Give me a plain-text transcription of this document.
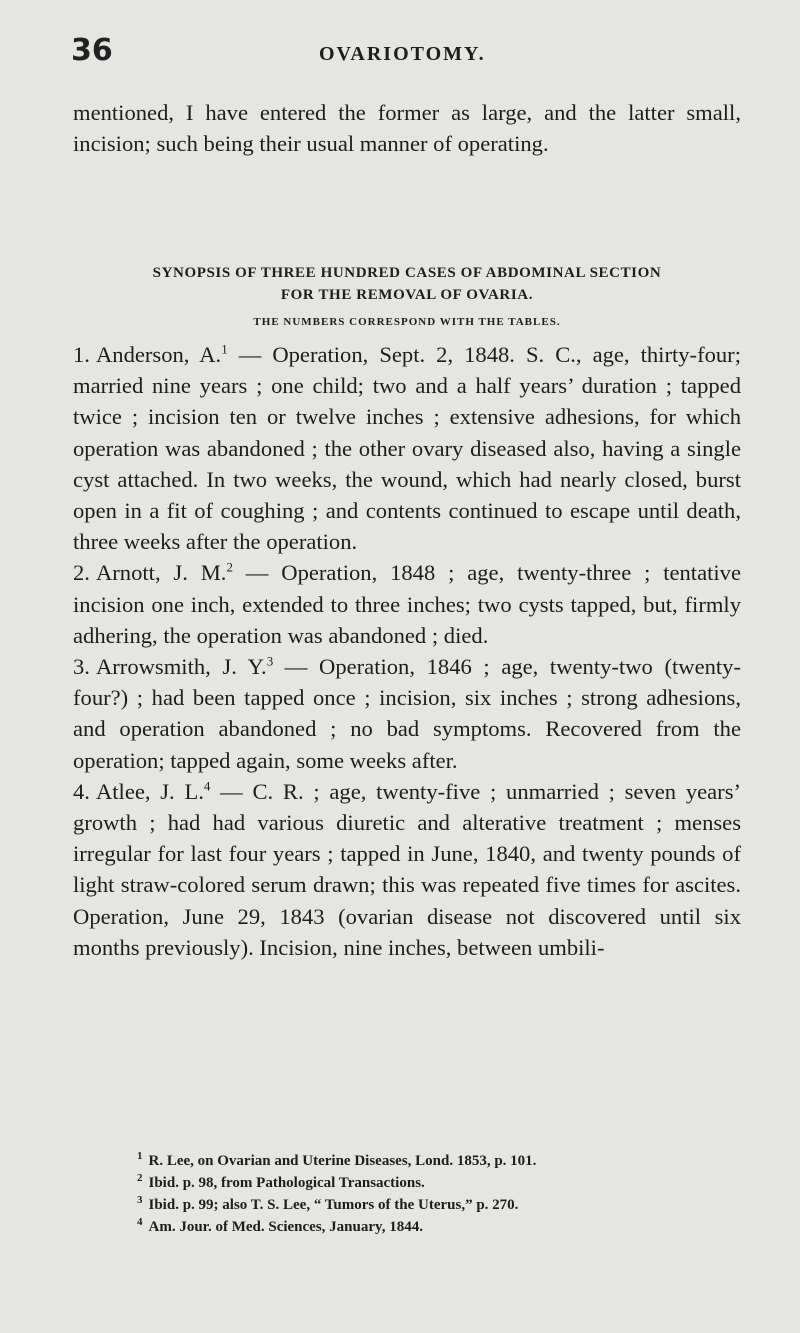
36	OVARIOTOMY.

mentioned, I have entered the former as large, and the latter small, incision; such being their usual manner of operating.

SYNOPSIS OF THREE HUNDRED CASES OF ABDOMINAL SECTION
FOR THE REMOVAL OF OVARIA.

THE NUMBERS CORRESPOND WITH THE TABLES.

1. Anderson, A.$^1$ — Operation, Sept. 2, 1848. S. C., age, thirty-four; married nine years ; one child; two and a half years’ duration ; tapped twice ; incision ten or twelve inches ; extensive adhesions, for which operation was abandoned ; the other ovary diseased also, having a single cyst attached. In two weeks, the wound, which had nearly closed, burst open in a fit of coughing ; and contents continued to escape until death, three weeks after the operation.

2. Arnott, J. M.$^2$ — Operation, 1848 ; age, twenty-three ; tentative incision one inch, extended to three inches; two cysts tapped, but, firmly adhering, the operation was abandoned ; died.

3. Arrowsmith, J. Y.$^3$ — Operation, 1846 ; age, twenty-two (twenty-four?) ; had been tapped once ; incision, six inches ; strong adhesions, and operation abandoned ; no bad symptoms. Recovered from the operation; tapped again, some weeks after.

4. Atlee, J. L.$^4$ — C. R. ; age, twenty-five ; unmarried ; seven years’ growth ; had had various diuretic and alterative treatment ; menses irregular for last four years ; tapped in June, 1840, and twenty pounds of light straw-colored serum drawn; this was repeated five times for ascites. Operation, June 29, 1843 (ovarian disease not discovered until six months previously). Incision, nine inches, between umbili-

$^1$ R. Lee, on Ovarian and Uterine Diseases, Lond. 1853, p. 101.

$^2$ Ibid. p. 98, from Pathological Transactions.

$^3$ Ibid. p. 99; also T. S. Lee, “ Tumors of the Uterus,” p. 270.

$^4$ Am. Jour. of Med. Sciences, January, 1844.
